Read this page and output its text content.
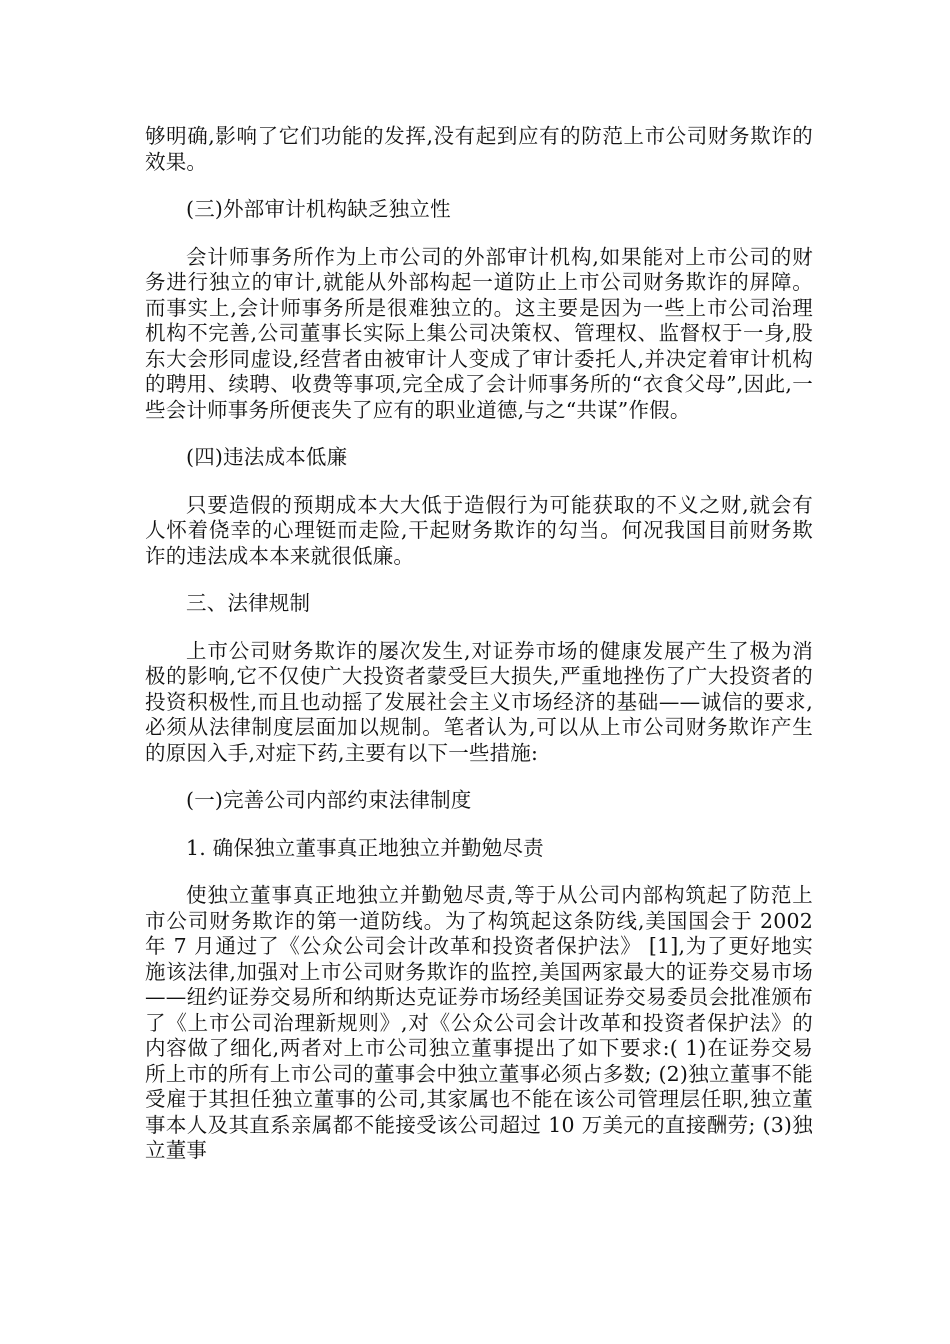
够明确,影响了它们功能的发挥,没有起到应有的防范上市公司财务欺诈的效果。

(三)外部审计机构缺乏独立性

会计师事务所作为上市公司的外部审计机构,如果能对上市公司的财务进行独立的审计,就能从外部构起一道防止上市公司财务欺诈的屏障。而事实上,会计师事务所是很难独立的。这主要是因为一些上市公司治理机构不完善,公司董事长实际上集公司决策权、管理权、监督权于一身,股东大会形同虚设,经营者由被审计人变成了审计委托人,并决定着审计机构的聘用、续聘、收费等事项,完全成了会计师事务所的“衣食父母”,因此,一些会计师事务所便丧失了应有的职业道德,与之“共谋”作假。

(四)违法成本低廉

只要造假的预期成本大大低于造假行为可能获取的不义之财,就会有人怀着侥幸的心理铤而走险,干起财务欺诈的勾当。何况我国目前财务欺诈的违法成本本来就很低廉。

三、法律规制

上市公司财务欺诈的屡次发生,对证券市场的健康发展产生了极为消极的影响,它不仅使广大投资者蒙受巨大损失,严重地挫伤了广大投资者的投资积极性,而且也动摇了发展社会主义市场经济的基础——诚信的要求,必须从法律制度层面加以规制。笔者认为,可以从上市公司财务欺诈产生的原因入手,对症下药,主要有以下一些措施:

(一)完善公司内部约束法律制度

1. 确保独立董事真正地独立并勤勉尽责

使独立董事真正地独立并勤勉尽责,等于从公司内部构筑起了防范上市公司财务欺诈的第一道防线。为了构筑起这条防线,美国国会于 2002 年 7 月通过了《公众公司会计改革和投资者保护法》 [1],为了更好地实施该法律,加强对上市公司财务欺诈的监控,美国两家最大的证券交易市场——纽约证券交易所和纳斯达克证券市场经美国证券交易委员会批准颁布了《上市公司治理新规则》,对《公众公司会计改革和投资者保护法》的内容做了细化,两者对上市公司独立董事提出了如下要求:( 1)在证券交易所上市的所有上市公司的董事会中独立董事必须占多数; (2)独立董事不能受雇于其担任独立董事的公司,其家属也不能在该公司管理层任职,独立董事本人及其直系亲属都不能接受该公司超过 10 万美元的直接酬劳; (3)独立董事
